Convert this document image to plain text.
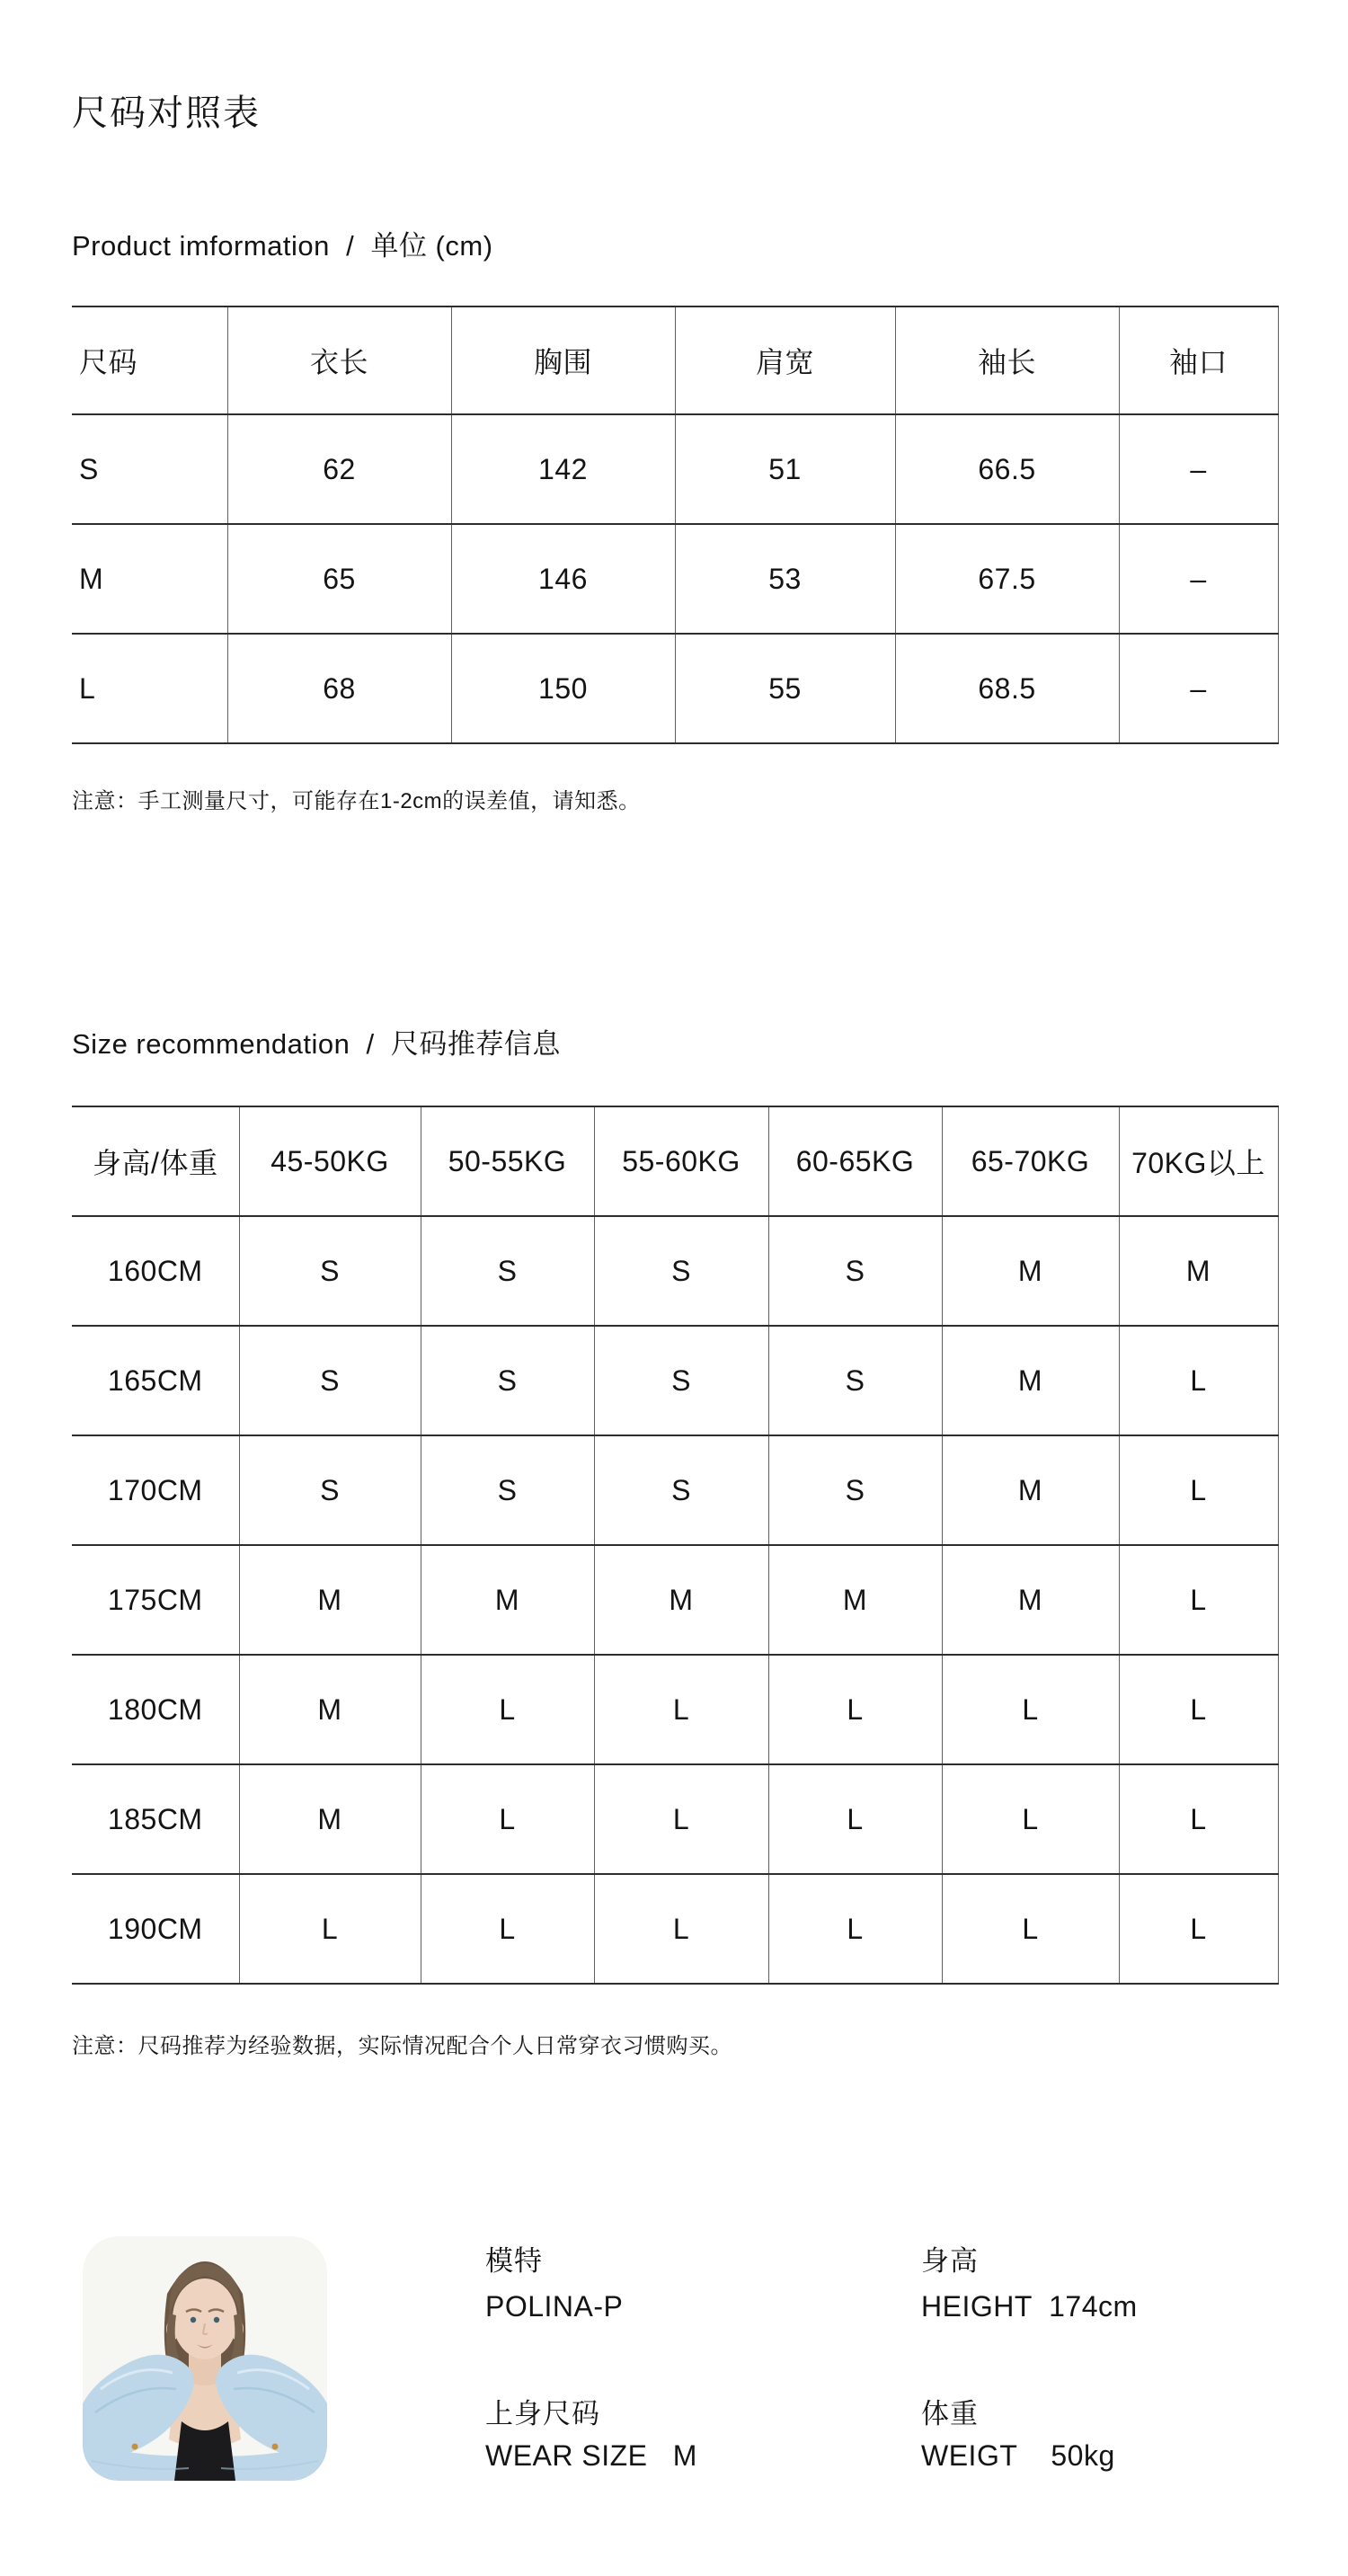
尺码对照表
Product imformation  /  单位 (cm)
尺码	衣长	胸围	肩宽	袖长	袖口
S	62	142	51	66.5	–
M	65	146	53	67.5	–
L	68	150	55	68.5	–
注意：手工测量尺寸，可能存在1-2cm的误差值，请知悉。
Size recommendation  /  尺码推荐信息
身高/体重	45-50KG	50-55KG	55-60KG	60-65KG	65-70KG	70KG以上
160CM	S	S	S	S	M	M
165CM	S	S	S	S	M	L
170CM	S	S	S	S	M	L
175CM	M	M	M	M	M	L
180CM	M	L	L	L	L	L
185CM	M	L	L	L	L	L
190CM	L	L	L	L	L	L
注意：尺码推荐为经验数据，实际情况配合个人日常穿衣习惯购买。
模特
POLINA-P
身高
HEIGHT  174cm
上身尺码
WEAR SIZE   M
体重
WEIGT    50kg
